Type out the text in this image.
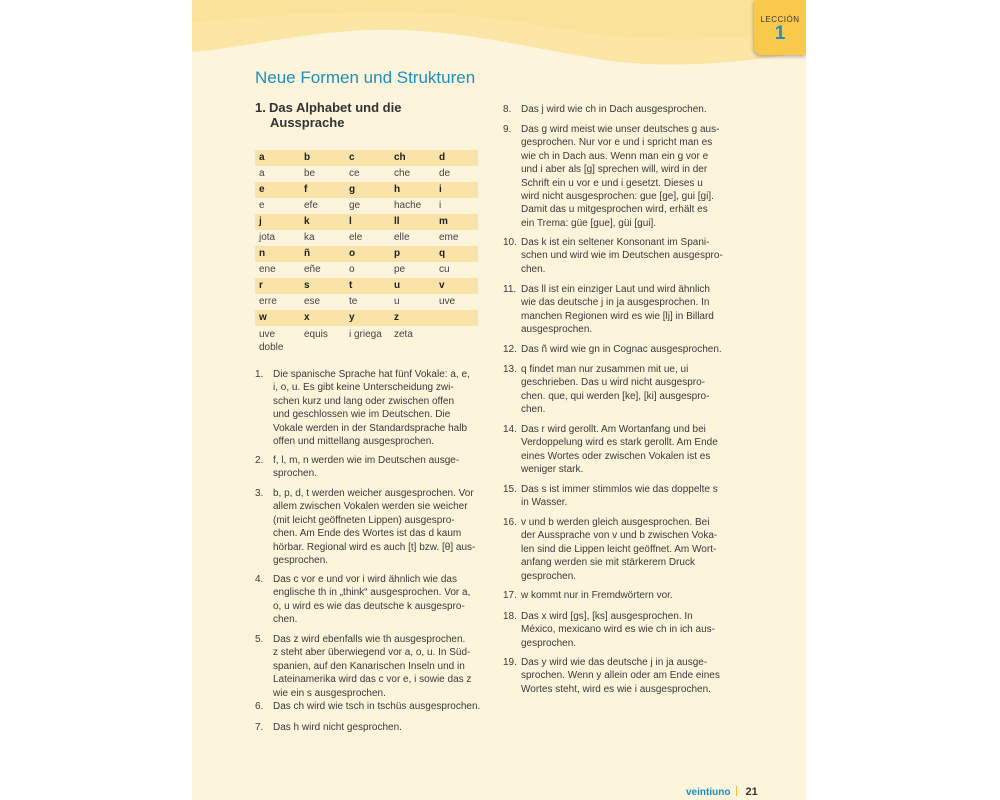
LECCIÓN
1
Neue Formen und Strukturen
1. Das Alphabet und die
Aussprache
a	b	c	ch	d
a	be	ce	che	de
e	f	g	h	i
e	efe	ge	hache	i
j	k	l	ll	m
jota	ka	ele	elle	eme
n	ñ	o	p	q
ene	eñe	o	pe	cu
r	s	t	u	v
erre	ese	te	u	uve
w	x	y	z	
uve doble	equis	i griega	zeta	
1. Die spanische Sprache hat fünf Vokale: a, e,
i, o, u. Es gibt keine Unterscheidung zwi-
schen kurz und lang oder zwischen offen
und geschlossen wie im Deutschen. Die
Vokale werden in der Standardsprache halb
offen und mittellang ausgesprochen.
2. f, l, m, n werden wie im Deutschen ausge-
sprochen.
3. b, p, d, t werden weicher ausgesprochen. Vor
allem zwischen Vokalen werden sie weicher
(mit leicht geöffneten Lippen) ausgespro-
chen. Am Ende des Wortes ist das d kaum
hörbar. Regional wird es auch [t] bzw. [θ] aus-
gesprochen.
4. Das c vor e und vor i wird ähnlich wie das
englische th in „think“ ausgesprochen. Vor a,
o, u wird es wie das deutsche k ausgespro-
chen.
5. Das z wird ebenfalls wie th ausgesprochen.
z steht aber überwiegend vor a, o, u. In Süd-
spanien, auf den Kanarischen Inseln und in
Lateinamerika wird das c vor e, i sowie das z
wie ein s ausgesprochen.
6. Das ch wird wie tsch in tschüs ausgesprochen.
7. Das h wird nicht gesprochen.
8. Das j wird wie ch in Dach ausgesprochen.
9. Das g wird meist wie unser deutsches g aus-
gesprochen. Nur vor e und i spricht man es
wie ch in Dach aus. Wenn man ein g vor e
und i aber als [g] sprechen will, wird in der
Schrift ein u vor e und i gesetzt. Dieses u
wird nicht ausgesprochen: gue [ge], gui [gi].
Damit das u mitgesprochen wird, erhält es
ein Trema: güe [gue], güi [gui].
10. Das k ist ein seltener Konsonant im Spani-
schen und wird wie im Deutschen ausgespro-
chen.
11. Das ll ist ein einziger Laut und wird ähnlich
wie das deutsche j in ja ausgesprochen. In
manchen Regionen wird es wie [lj] in Billard
ausgesprochen.
12. Das ñ wird wie gn in Cognac ausgesprochen.
13. q findet man nur zusammen mit ue, ui
geschrieben. Das u wird nicht ausgespro-
chen. que, qui werden [ke], [ki] ausgespro-
chen.
14. Das r wird gerollt. Am Wortanfang und bei
Verdoppelung wird es stark gerollt. Am Ende
eines Wortes oder zwischen Vokalen ist es
weniger stark.
15. Das s ist immer stimmlos wie das doppelte s
in Wasser.
16. v und b werden gleich ausgesprochen. Bei
der Aussprache von v und b zwischen Voka-
len sind die Lippen leicht geöffnet. Am Wort-
anfang werden sie mit stärkerem Druck
gesprochen.
17. w kommt nur in Fremdwörtern vor.
18. Das x wird [gs], [ks] ausgesprochen. In
México, mexicano wird es wie ch in ich aus-
gesprochen.
19. Das y wird wie das deutsche j in ja ausge-
sprochen. Wenn y allein oder am Ende eines
Wortes steht, wird es wie i ausgesprochen.
veintiuno 21
